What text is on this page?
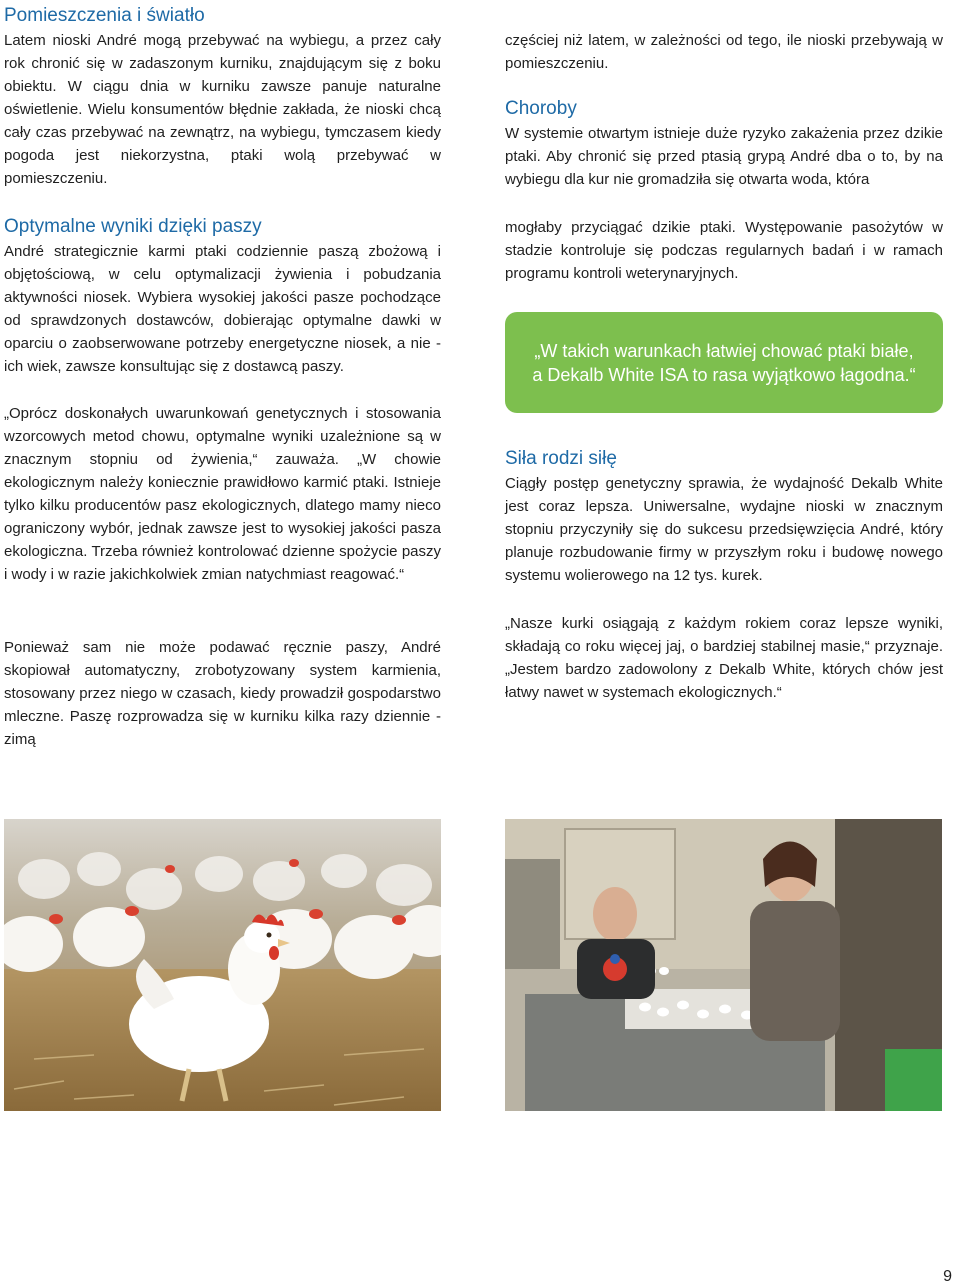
Pomieszczenia i światło

Latem nioski André mogą przebywać na wybiegu, a przez cały rok chronić się w zadaszonym kurniku, znajdującym się z boku obiektu. W ciągu dnia w kurniku zawsze panuje naturalne oświetlenie. Wielu konsumentów błędnie zakłada, że nioski chcą cały czas przebywać na zewnątrz, na wybiegu, tymczasem kiedy pogoda jest niekorzystna, ptaki wolą przebywać w pomieszczeniu.

Optymalne wyniki dzięki paszy

André strategicznie karmi ptaki codziennie paszą zbożową i objętościową, w celu optymalizacji żywienia i pobudzania aktywności niosek. Wybiera wysokiej jakości pasze pochodzące od sprawdzonych dostawców, dobierając optymalne dawki w oparciu o zaobserwowane potrzeby energetyczne niosek, a nie - ich wiek, zawsze konsultując się z dostawcą paszy.

„Oprócz doskonałych uwarunkowań genetycznych i stosowania wzorcowych metod chowu, optymalne wyniki uzależnione są w znacznym stopniu od żywienia,“ zauważa. „W chowie ekologicznym należy koniecznie prawidłowo karmić ptaki. Istnieje tylko kilku producentów pasz ekologicznych, dlatego mamy nieco ograniczony wybór, jednak zawsze jest to wysokiej jakości pasza ekologiczna. Trzeba również kontrolować dzienne spożycie paszy i wody i w razie jakichkolwiek zmian natychmiast reagować.“

Ponieważ sam nie może podawać ręcznie paszy, André skopiował automatyczny, zrobotyzowany system karmienia, stosowany przez niego w czasach, kiedy prowadził gospodarstwo mleczne. Paszę rozprowadza się w kurniku kilka razy dziennie - zimą

częściej niż latem, w zależności od tego, ile nioski przebywają w pomieszczeniu.

Choroby

W systemie otwartym istnieje duże ryzyko zakażenia przez dzikie ptaki. Aby chronić się przed ptasią grypą André dba o to, by na wybiegu dla kur nie gromadziła się otwarta woda, która

mogłaby przyciągać dzikie ptaki. Występowanie pasożytów w stadzie kontroluje się podczas regularnych badań i w ramach programu kontroli weterynaryjnych.

Siła rodzi siłę

Ciągły postęp genetyczny sprawia, że wydajność Dekalb White jest coraz lepsza. Uniwersalne, wydajne nioski w znacznym stopniu przyczyniły się do sukcesu przedsięwzięcia André, który planuje rozbudowanie firmy w przyszłym roku i budowę nowego systemu wolierowego na 12 tys. kurek.

„Nasze kurki osiągają z każdym rokiem coraz lepsze wyniki, składają co roku więcej jaj, o bardziej stabilnej masie,“ przyznaje. „Jestem bardzo zadowolony z Dekalb White, których chów jest łatwy nawet w systemach ekologicznych.“

„W takich warunkach łatwiej chować ptaki białe, a Dekalb White ISA to rasa wyjątkowo łagodna.“
9
